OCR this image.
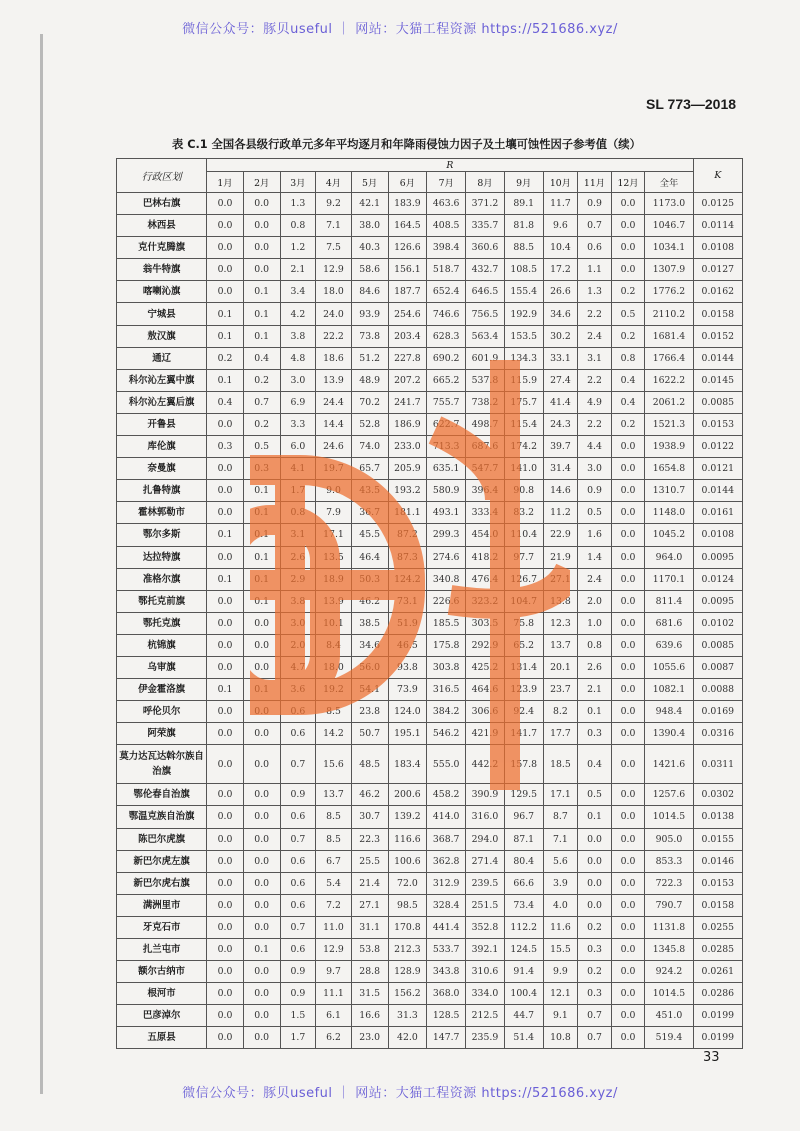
微信公众号：豚贝useful ｜ 网站：大猫工程资源 https://521686.xyz/
SL 773—2018
表 C.1 全国各县级行政单元多年平均逐月和年降雨侵蚀力因子及土壤可蚀性因子参考值（续）
行政区划	R													K
	1月	2月	3月	4月	5月	6月	7月	8月	9月	10月	11月	12月	全年	
巴林右旗	0.0	0.0	1.3	9.2	42.1	183.9	463.6	371.2	89.1	11.7	0.9	0.0	1173.0	0.0125
林西县	0.0	0.0	0.8	7.1	38.0	164.5	408.5	335.7	81.8	9.6	0.7	0.0	1046.7	0.0114
克什克腾旗	0.0	0.0	1.2	7.5	40.3	126.6	398.4	360.6	88.5	10.4	0.6	0.0	1034.1	0.0108
翁牛特旗	0.0	0.0	2.1	12.9	58.6	156.1	518.7	432.7	108.5	17.2	1.1	0.0	1307.9	0.0127
喀喇沁旗	0.0	0.1	3.4	18.0	84.6	187.7	652.4	646.5	155.4	26.6	1.3	0.2	1776.2	0.0162
宁城县	0.1	0.1	4.2	24.0	93.9	254.6	746.6	756.5	192.9	34.6	2.2	0.5	2110.2	0.0158
敖汉旗	0.1	0.1	3.8	22.2	73.8	203.4	628.3	563.4	153.5	30.2	2.4	0.2	1681.4	0.0152
通辽	0.2	0.4	4.8	18.6	51.2	227.8	690.2	601.9	134.3	33.1	3.1	0.8	1766.4	0.0144
科尔沁左翼中旗	0.1	0.2	3.0	13.9	48.9	207.2	665.2	537.8	115.9	27.4	2.2	0.4	1622.2	0.0145
科尔沁左翼后旗	0.4	0.7	6.9	24.4	70.2	241.7	755.7	738.2	175.7	41.4	4.9	0.4	2061.2	0.0085
开鲁县	0.0	0.2	3.3	14.4	52.8	186.9	622.7	498.7	115.4	24.3	2.2	0.2	1521.3	0.0153
库伦旗	0.3	0.5	6.0	24.6	74.0	233.0	713.3	687.6	174.2	39.7	4.4	0.0	1938.9	0.0122
奈曼旗	0.0	0.3	4.1	19.7	65.7	205.9	635.1	547.7	141.0	31.4	3.0	0.0	1654.8	0.0121
扎鲁特旗	0.0	0.1	1.7	9.0	43.5	193.2	580.9	396.4	90.8	14.6	0.9	0.0	1310.7	0.0144
霍林郭勒市	0.0	0.1	0.8	7.9	36.7	181.1	493.1	333.4	83.2	11.2	0.5	0.0	1148.0	0.0161
鄂尔多斯	0.1	0.1	3.1	17.1	45.5	87.2	299.3	454.0	110.4	22.9	1.6	0.0	1045.2	0.0108
达拉特旗	0.0	0.1	2.6	13.5	46.4	87.3	274.6	418.2	97.7	21.9	1.4	0.0	964.0	0.0095
准格尔旗	0.1	0.1	2.9	18.9	50.3	124.2	340.8	476.4	126.7	27.1	2.4	0.0	1170.1	0.0124
鄂托克前旗	0.0	0.1	3.8	13.9	46.2	73.1	226.6	323.2	104.7	13.8	2.0	0.0	811.4	0.0095
鄂托克旗	0.0	0.0	3.0	10.1	38.5	51.9	185.5	303.5	75.8	12.3	1.0	0.0	681.6	0.0102
杭锦旗	0.0	0.0	2.0	8.4	34.6	46.5	175.8	292.9	65.2	13.7	0.8	0.0	639.6	0.0085
乌审旗	0.0	0.0	4.7	18.0	56.0	93.8	303.8	425.2	131.4	20.1	2.6	0.0	1055.6	0.0087
伊金霍洛旗	0.1	0.1	3.6	19.2	54.1	73.9	316.5	464.6	123.9	23.7	2.1	0.0	1082.1	0.0088
呼伦贝尔	0.0	0.0	0.6	8.5	23.8	124.0	384.2	306.6	92.4	8.2	0.1	0.0	948.4	0.0169
阿荣旗	0.0	0.0	0.6	14.2	50.7	195.1	546.2	421.9	141.7	17.7	0.3	0.0	1390.4	0.0316
莫力达瓦达斡尔族自治旗	0.0	0.0	0.7	15.6	48.5	183.4	555.0	442.2	157.8	18.5	0.4	0.0	1421.6	0.0311
鄂伦春自治旗	0.0	0.0	0.9	13.7	46.2	200.6	458.2	390.9	129.5	17.1	0.5	0.0	1257.6	0.0302
鄂温克族自治旗	0.0	0.0	0.6	8.5	30.7	139.2	414.0	316.0	96.7	8.7	0.1	0.0	1014.5	0.0138
陈巴尔虎旗	0.0	0.0	0.7	8.5	22.3	116.6	368.7	294.0	87.1	7.1	0.0	0.0	905.0	0.0155
新巴尔虎左旗	0.0	0.0	0.6	6.7	25.5	100.6	362.8	271.4	80.4	5.6	0.0	0.0	853.3	0.0146
新巴尔虎右旗	0.0	0.0	0.6	5.4	21.4	72.0	312.9	239.5	66.6	3.9	0.0	0.0	722.3	0.0153
满洲里市	0.0	0.0	0.6	7.2	27.1	98.5	328.4	251.5	73.4	4.0	0.0	0.0	790.7	0.0158
牙克石市	0.0	0.0	0.7	11.0	31.1	170.8	441.4	352.8	112.2	11.6	0.2	0.0	1131.8	0.0255
扎兰屯市	0.0	0.1	0.6	12.9	53.8	212.3	533.7	392.1	124.5	15.5	0.3	0.0	1345.8	0.0285
额尔古纳市	0.0	0.0	0.9	9.7	28.8	128.9	343.8	310.6	91.4	9.9	0.2	0.0	924.2	0.0261
根河市	0.0	0.0	0.9	11.1	31.5	156.2	368.0	334.0	100.4	12.1	0.3	0.0	1014.5	0.0286
巴彦淖尔	0.0	0.0	1.5	6.1	16.6	31.3	128.5	212.5	44.7	9.1	0.7	0.0	451.0	0.0199
五原县	0.0	0.0	1.7	6.2	23.0	42.0	147.7	235.9	51.4	10.8	0.7	0.0	519.4	0.0199
33
微信公众号：豚贝useful ｜ 网站：大猫工程资源 https://521686.xyz/
